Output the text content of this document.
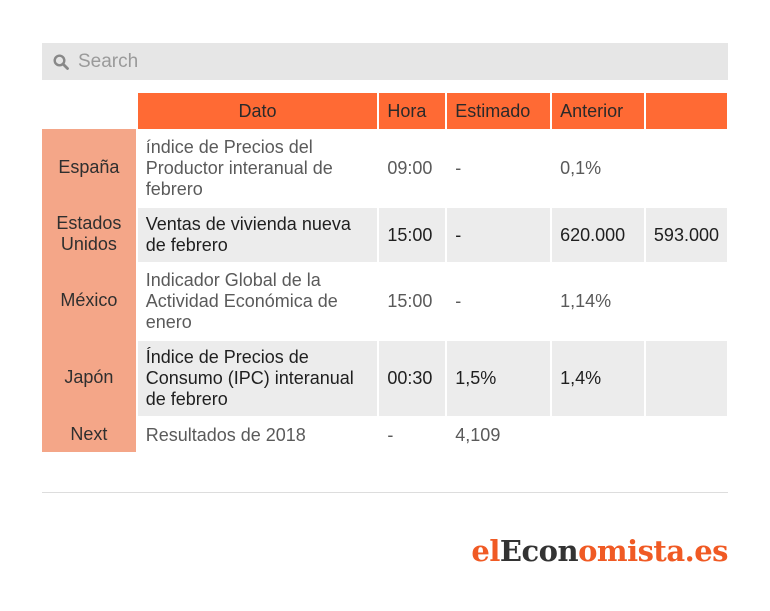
Search
	Dato	Hora	Estimado	Anterior	
España	índice de Precios del Productor interanual de febrero	09:00	-	0,1%	
Estados Unidos	Ventas de vivienda nueva de febrero	15:00	-	620.000	593.000
México	Indicador Global de la Actividad Económica de enero	15:00	-	1,14%	
Japón	Índice de Precios de Consumo (IPC) interanual de febrero	00:30	1,5%	1,4%	
Next	Resultados de 2018	-	4,109		
elEconomista.es
